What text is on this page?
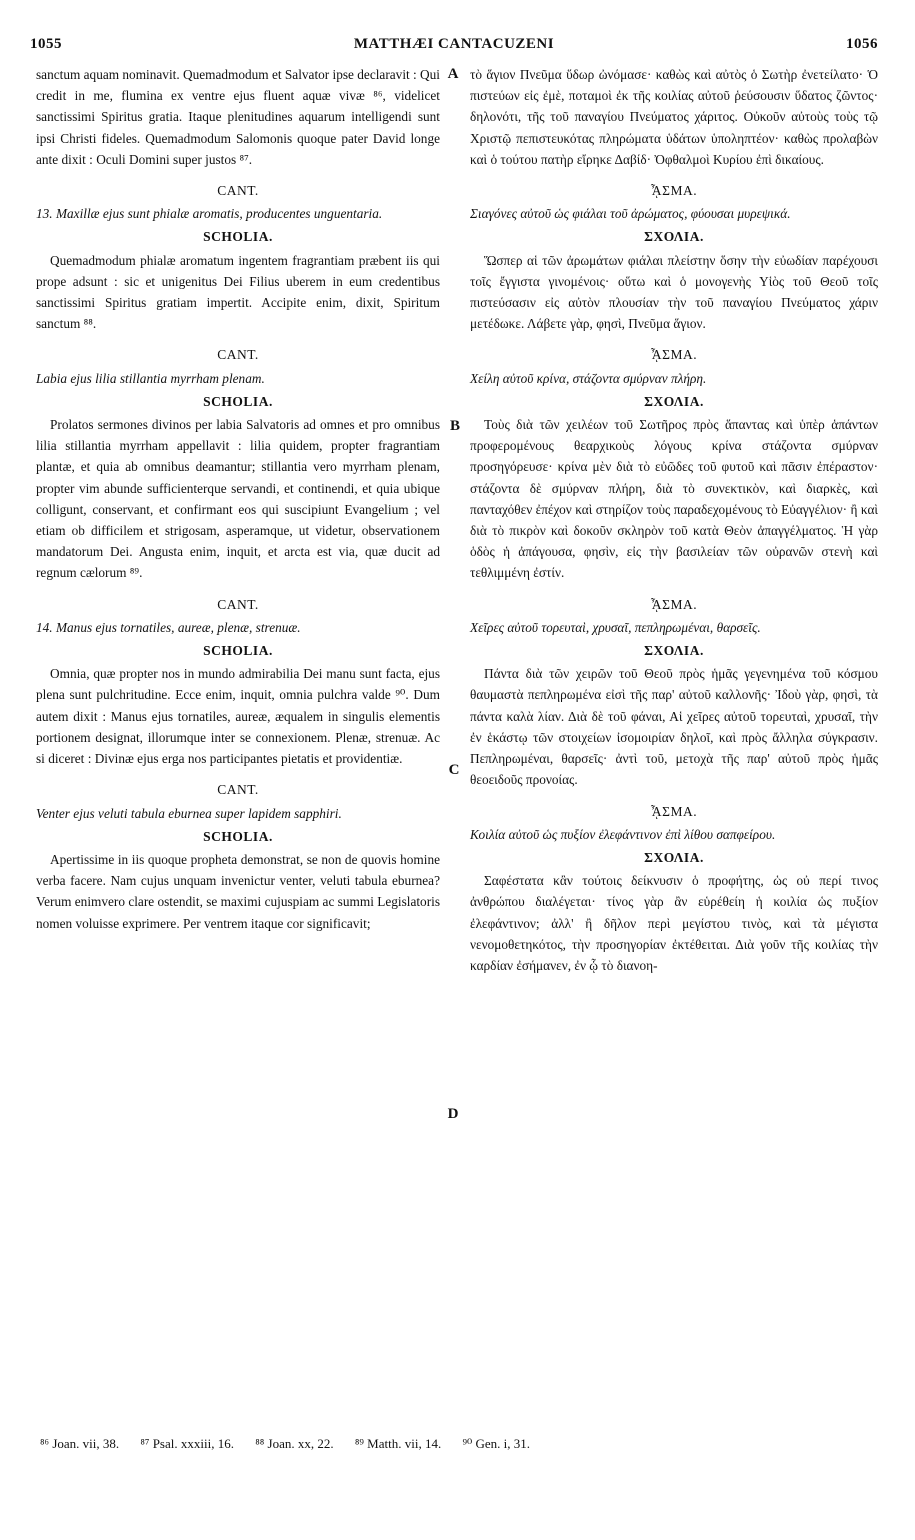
1055	MATTHÆI CANTACUZENI	1056

sanctum aquam nominavit. Quemadmodum et Salvator ipse declaravit : Qui credit in me, flumina ex ventre ejus fluent aquæ vivæ ⁸⁶, videlicet sanctissimi Spiritus gratia. Itaque plenitudines aquarum intelligendi sunt ipsi Christi fideles. Quemadmodum Salomonis quoque pater David longe ante dixit : Oculi Domini super justos ⁸⁷.

CANT.

13. Maxillæ ejus sunt phialæ aromatis, producentes unguentaria.

SCHOLIA.

Quemadmodum phialæ aromatum ingentem fragrantiam præbent iis qui prope adsunt : sic et unigenitus Dei Filius uberem in eum credentibus sanctissimi Spiritus gratiam impertit. Accipite enim, dixit, Spiritum sanctum ⁸⁸.

CANT.

Labia ejus lilia stillantia myrrham plenam.

SCHOLIA.

Prolatos sermones divinos per labia Salvatoris ad omnes et pro omnibus lilia stillantia myrrham appellavit : lilia quidem, propter fragrantiam plantæ, et quia ab omnibus deamantur; stillantia vero myrrham plenam, propter vim abunde sufficienterque servandi, et continendi, et quia ubique colligunt, conservant, et confirmant eos qui suscipiunt Evangelium ; vel etiam ob difficilem et strigosam, asperamque, ut videtur, observationem mandatorum Dei. Angusta enim, inquit, et arcta est via, quæ ducit ad regnum cælorum ⁸⁹.

CANT.

14. Manus ejus tornatiles, aureæ, plenæ, strenuæ.

SCHOLIA.

Omnia, quæ propter nos in mundo admirabilia Dei manu sunt facta, ejus plena sunt pulchritudine. Ecce enim, inquit, omnia pulchra valde ⁹⁰. Dum autem dixit : Manus ejus tornatiles, aureæ, æqualem in singulis elementis portionem designat, illorumque inter se connexionem. Plenæ, strenuæ. Ac si diceret : Divinæ ejus erga nos participantes pietatis et providentiæ.

CANT.

Venter ejus veluti tabula eburnea super lapidem sapphiri.

SCHOLIA.

Apertissime in iis quoque propheta demonstrat, se non de quovis homine verba facere. Nam cujus unquam invenictur venter, veluti tabula eburnea? Verum enimvero clare ostendit, se maximi cujuspiam ac summi Legislatoris nomen voluisse exprimere. Per ventrem itaque cor significavit;

A
B
C
D

τὸ ἅγιον Πνεῦμα ὕδωρ ὠνόμασε· καθὼς καὶ αὐτὸς ὁ Σωτὴρ ἐνετείλατο· Ὁ πιστεύων εἰς ἐμὲ, ποταμοὶ ἐκ τῆς κοιλίας αὐτοῦ ῥεύσουσιν ὕδατος ζῶντος· δηλονότι, τῆς τοῦ παναγίου Πνεύματος χάριτος. Οὐκοῦν αὐτοὺς τοὺς τῷ Χριστῷ πεπιστευκότας πληρώματα ὑδάτων ὑποληπτέον· καθὼς προλαβὼν καὶ ὁ τούτου πατὴρ εἴρηκε Δαβίδ· Ὀφθαλμοὶ Κυρίου ἐπὶ δικαίους.

ᾎΣΜΑ.

Σιαγόνες αὐτοῦ ὡς φιάλαι τοῦ ἀρώματος, φύουσαι μυρεψικά.

ΣΧΟΛΙΑ.

Ὥσπερ αἱ τῶν ἀρωμάτων φιάλαι πλείστην ὅσην τὴν εὐωδίαν παρέχουσι τοῖς ἔγγιστα γινομένοις· οὕτω καὶ ὁ μονογενὴς Υἱὸς τοῦ Θεοῦ τοῖς πιστεύσασιν εἰς αὐτὸν πλουσίαν τὴν τοῦ παναγίου Πνεύματος χάριν μετέδωκε. Λάβετε γὰρ, φησὶ, Πνεῦμα ἅγιον.

ᾎΣΜΑ.

Χείλη αὐτοῦ κρίνα, στάζοντα σμύρναν πλήρη.

ΣΧΟΛΙΑ.

Τοὺς διὰ τῶν χειλέων τοῦ Σωτῆρος πρὸς ἅπαντας καὶ ὑπὲρ ἁπάντων προφερομένους θεαρχικοὺς λόγους κρίνα στάζοντα σμύρναν προσηγόρευσε· κρίνα μὲν διὰ τὸ εὐῶδες τοῦ φυτοῦ καὶ πᾶσιν ἐπέραστον· στάζοντα δὲ σμύρναν πλήρη, διὰ τὸ συνεκτικὸν, καὶ διαρκὲς, καὶ πανταχόθεν ἐπέχον καὶ στηρίζον τοὺς παραδεχομένους τὸ Εὐαγγέλιον· ἢ καὶ διὰ τὸ πικρὸν καὶ δοκοῦν σκληρὸν τοῦ κατὰ Θεὸν ἀπαγγέλματος. Ἡ γὰρ ὁδὸς ἡ ἀπάγουσα, φησὶν, εἰς τὴν βασιλείαν τῶν οὐρανῶν στενὴ καὶ τεθλιμμένη ἐστίν.

ᾎΣΜΑ.

Χεῖρες αὐτοῦ τορευταὶ, χρυσαῖ, πεπληρωμέναι, θαρσεῖς.

ΣΧΟΛΙΑ.

Πάντα διὰ τῶν χειρῶν τοῦ Θεοῦ πρὸς ἡμᾶς γεγενημένα τοῦ κόσμου θαυμαστὰ πεπληρωμένα εἰσὶ τῆς παρ' αὐτοῦ καλλονῆς· Ἰδοὺ γὰρ, φησὶ, τὰ πάντα καλὰ λίαν. Διὰ δὲ τοῦ φάναι, Αἱ χεῖρες αὐτοῦ τορευταὶ, χρυσαῖ, τὴν ἐν ἑκάστῳ τῶν στοιχείων ἰσομοιρίαν δηλοῖ, καὶ πρὸς ἄλληλα σύγκρασιν. Πεπληρωμέναι, θαρσεῖς· ἀντὶ τοῦ, μετοχὰ τῆς παρ' αὐτοῦ πρὸς ἡμᾶς θεοειδοῦς προνοίας.

ᾎΣΜΑ.

Κοιλία αὐτοῦ ὡς πυξίον ἐλεφάντινον ἐπὶ λίθου σαπφείρου.

ΣΧΟΛΙΑ.

Σαφέστατα κἂν τούτοις δείκνυσιν ὁ προφήτης, ὡς οὐ περί τινος ἀνθρώπου διαλέγεται· τίνος γὰρ ἂν εὑρέθείη ἡ κοιλία ὡς πυξίον ἐλεφάντινον; ἀλλ' ἢ δῆλον περὶ μεγίστου τινὸς, καὶ τὰ μέγιστα νενομοθετηκότος, τὴν προσηγορίαν ἐκτέθειται. Διὰ γοῦν τῆς κοιλίας τὴν καρδίαν ἐσήμανεν, ἐν ᾧ τὸ διανοη-

⁸⁶ Joan. vii, 38. ⁸⁷ Psal. xxxiii, 16. ⁸⁸ Joan. xx, 22. ⁸⁹ Matth. vii, 14. ⁹⁰ Gen. i, 31.
